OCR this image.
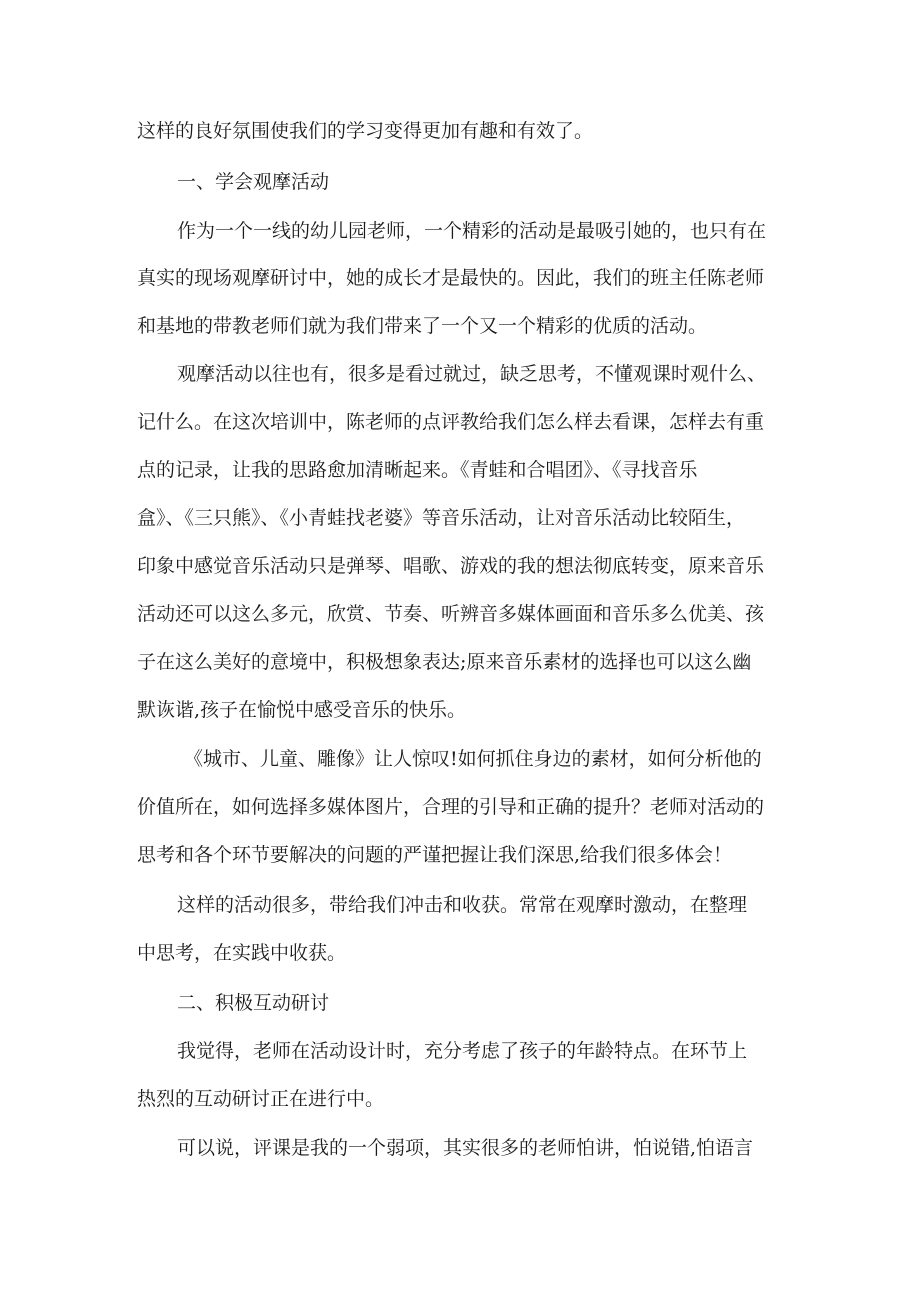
这样的良好氛围使我们的学习变得更加有趣和有效了。
一、学会观摩活动
作为一个一线的幼儿园老师，一个精彩的活动是最吸引她的，也只有在
真实的现场观摩研讨中，她的成长才是最快的。因此，我们的班主任陈老师
和基地的带教老师们就为我们带来了一个又一个精彩的优质的活动。
观摩活动以往也有，很多是看过就过，缺乏思考，不懂观课时观什么、
记什么。在这次培训中，陈老师的点评教给我们怎么样去看课，怎样去有重
点的记录，让我的思路愈加清晰起来。《青蛙和合唱团》、《寻找音乐
盒》、《三只熊》、《小青蛙找老婆》等音乐活动，让对音乐活动比较陌生，
印象中感觉音乐活动只是弹琴、唱歌、游戏的我的想法彻底转变，原来音乐
活动还可以这么多元，欣赏、节奏、听辨音多媒体画面和音乐多么优美、孩
子在这么美好的意境中，积极想象表达;原来音乐素材的选择也可以这么幽
默诙谐,孩子在愉悦中感受音乐的快乐。
《城市、儿童、雕像》让人惊叹!如何抓住身边的素材，如何分析他的
价值所在，如何选择多媒体图片，合理的引导和正确的提升？老师对活动的
思考和各个环节要解决的问题的严谨把握让我们深思,给我们很多体会！
这样的活动很多，带给我们冲击和收获。常常在观摩时激动，在整理
中思考，在实践中收获。
二、积极互动研讨
我觉得，老师在活动设计时，充分考虑了孩子的年龄特点。在环节上
热烈的互动研讨正在进行中。
可以说，评课是我的一个弱项，其实很多的老师怕讲，怕说错,怕语言
